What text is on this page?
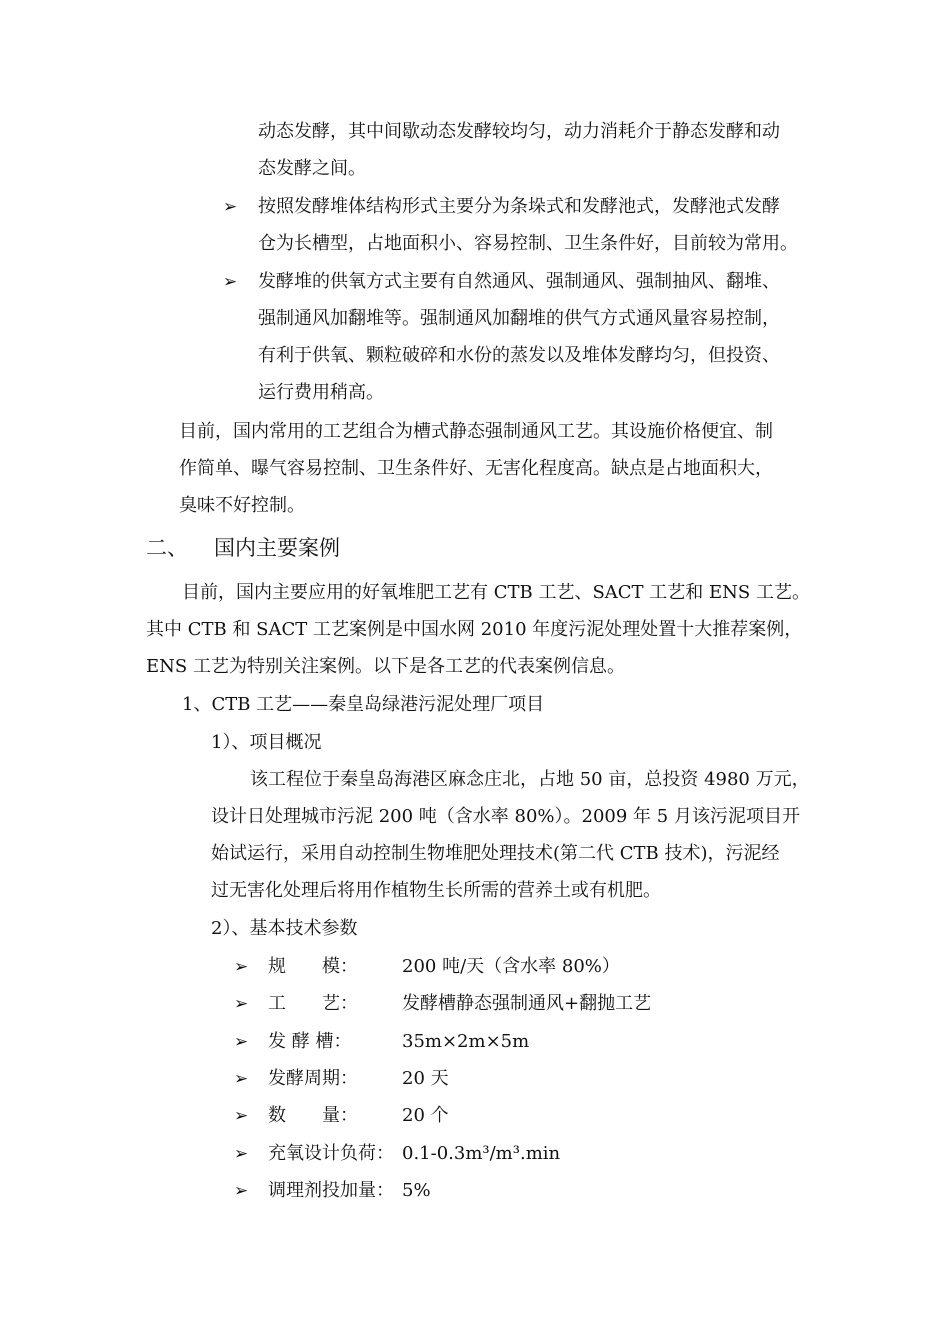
动态发酵，其中间歇动态发酵较均匀，动力消耗介于静态发酵和动
态发酵之间。
➢ 按照发酵堆体结构形式主要分为条垛式和发酵池式，发酵池式发酵
仓为长槽型，占地面积小、容易控制、卫生条件好，目前较为常用。
➢ 发酵堆的供氧方式主要有自然通风、强制通风、强制抽风、翻堆、
强制通风加翻堆等。强制通风加翻堆的供气方式通风量容易控制，
有利于供氧、颗粒破碎和水份的蒸发以及堆体发酵均匀，但投资、
运行费用稍高。
目前，国内常用的工艺组合为槽式静态强制通风工艺。其设施价格便宜、制
作简单、曝气容易控制、卫生条件好、无害化程度高。缺点是占地面积大，
臭味不好控制。
二、 国内主要案例
目前，国内主要应用的好氧堆肥工艺有 CTB 工艺、SACT 工艺和 ENS 工艺。
其中 CTB 和 SACT 工艺案例是中国水网 2010 年度污泥处理处置十大推荐案例，
ENS 工艺为特别关注案例。以下是各工艺的代表案例信息。
1、CTB 工艺——秦皇岛绿港污泥处理厂项目
1）、项目概况
该工程位于秦皇岛海港区麻念庄北，占地 50 亩，总投资 4980 万元，
设计日处理城市污泥 200 吨（含水率 80%）。2009 年 5 月该污泥项目开
始试运行，采用自动控制生物堆肥处理技术(第二代 CTB 技术)，污泥经
过无害化处理后将用作植物生长所需的营养土或有机肥。
2）、基本技术参数
➢ 规　　模： 200 吨/天（含水率 80%）
➢ 工　　艺： 发酵槽静态强制通风+翻抛工艺
➢ 发 酵 槽：	35m×2m×5m
➢ 发酵周期： 20 天
➢ 数　　量： 20 个
➢ 充氧设计负荷： 0.1-0.3m³/m³.min
➢ 调理剂投加量： 5%
